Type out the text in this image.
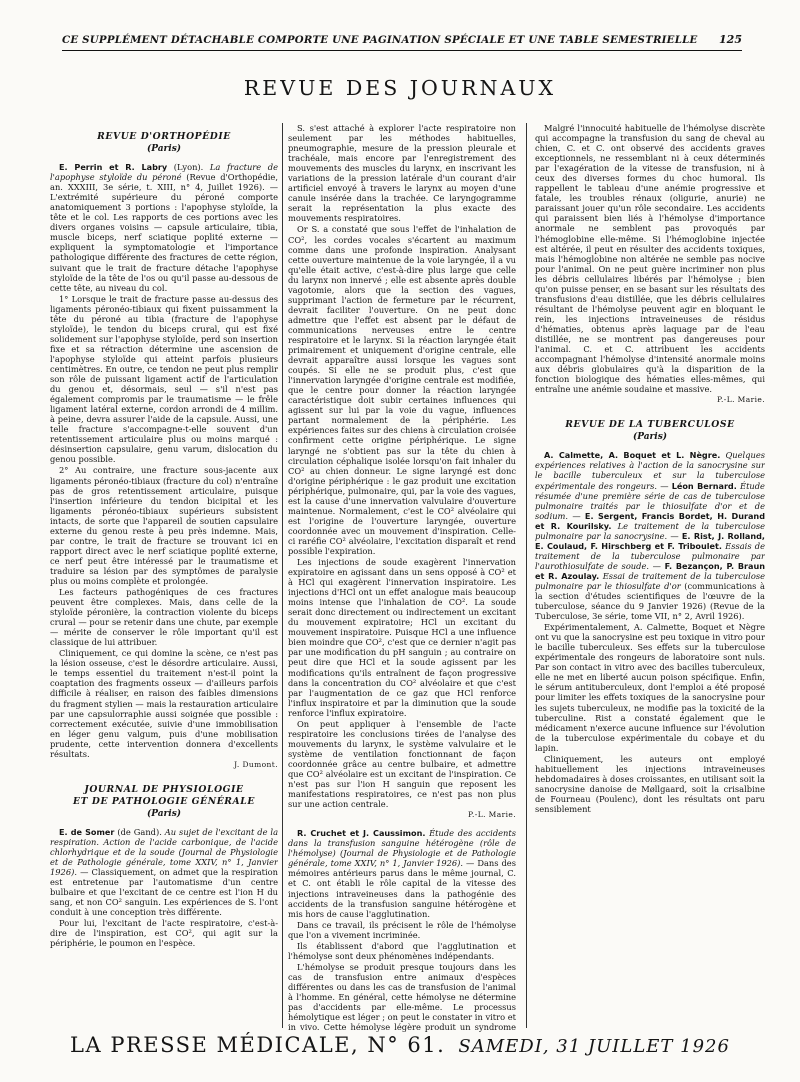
CE SUPPLÉMENT DÉTACHABLE COMPORTE UNE PAGINATION SPÉCIALE ET UNE TABLE SEMESTRIELLE 125
REVUE DES JOURNAUX
REVUE D'ORTHOPÉDIE
(Paris)

E. Perrin et R. Labry (Lyon). La fracture de l'apophyse styloïde du péroné (Revue d'Orthopédie, an. XXXIII, 3e série, t. XIII, n° 4, Juillet 1926). — L'extrémité supérieure du péroné comporte anatomiquement 3 portions : l'apophyse styloïde, la tête et le col. Les rapports de ces portions avec les divers organes voisins — capsule articulaire, tibia, muscle biceps, nerf sciatique poplité externe — expliquent la symptomatologie et l'importance pathologique différente des fractures de cette région, suivant que le trait de fracture détache l'apophyse styloïde de la tête de l'os ou qu'il passe au-dessous de cette tête, au niveau du col.

1° Lorsque le trait de fracture passe au-dessus des ligaments péronéo-tibiaux qui fixent puissamment la tête du péroné au tibia (fracture de l'apophyse styloïde), le tendon du biceps crural, qui est fixé solidement sur l'apophyse styloïde, perd son insertion fixe et sa rétraction détermine une ascension de l'apophyse styloïde qui atteint parfois plusieurs centimètres. En outre, ce tendon ne peut plus remplir son rôle de puissant ligament actif de l'articulation du genou et, désormais, seul — s'il n'est pas également compromis par le traumatisme — le frêle ligament latéral externe, cordon arrondi de 4 millim. à peine, devra assurer l'aide de la capsule. Aussi, une telle fracture s'accompagne-t-elle souvent d'un retentissement articulaire plus ou moins marqué : désinsertion capsulaire, genu varum, dislocation du genou possible.

2° Au contraire, une fracture sous-jacente aux ligaments péronéo-tibiaux (fracture du col) n'entraîne pas de gros retentissement articulaire, puisque l'insertion inférieure du tendon bicipital et les ligaments péronéo-tibiaux supérieurs subsistent intacts, de sorte que l'appareil de soutien capsulaire externe du genou reste à peu près indemne. Mais, par contre, le trait de fracture se trouvant ici en rapport direct avec le nerf sciatique poplité externe, ce nerf peut être intéressé par le traumatisme et traduire sa lésion par des symptômes de paralysie plus ou moins complète et prolongée.

Les facteurs pathogéniques de ces fractures peuvent être complexes. Mais, dans celle de la styloïde péronière, la contraction violente du biceps crural — pour se retenir dans une chute, par exemple — mérite de conserver le rôle important qu'il est classique de lui attribuer.

Cliniquement, ce qui domine la scène, ce n'est pas la lésion osseuse, c'est le désordre articulaire. Aussi, le temps essentiel du traitement n'est-il point la coaptation des fragments osseux — d'ailleurs parfois difficile à réaliser, en raison des faibles dimensions du fragment stylien — mais la restauration articulaire par une capsulorraphie aussi soignée que possible : correctement exécutée, suivie d'une immobilisation en léger genu valgum, puis d'une mobilisation prudente, cette intervention donnera d'excellents résultats.

J. Dumont.
JOURNAL DE PHYSIOLOGIE
ET DE PATHOLOGIE GÉNÉRALE
(Paris)

E. de Somer (de Gand). Au sujet de l'excitant de la respiration. Action de l'acide carbonique, de l'acide chlorhydrique et de la soude (Journal de Physiologie et de Pathologie générale, tome XXIV, n° 1, Janvier 1926). — Classiquement, on admet que la respiration est entretenue par l'automatisme d'un centre bulbaire et que l'excitant de ce centre est l'ion H du sang, et non CO² sanguin. Les expériences de S. l'ont conduit à une conception très différente.

Pour lui, l'excitant de l'acte respiratoire, c'est-à-dire de l'inspiration, est CO², qui agit sur la périphérie, le poumon en l'espèce.

S. s'est attaché à explorer l'acte respiratoire non seulement par les méthodes habituelles, pneumographie, mesure de la pression pleurale et trachéale, mais encore par l'enregistrement des mouvements des muscles du larynx, en inscrivant les variations de la pression latérale d'un courant d'air artificiel envoyé à travers le larynx au moyen d'une canule insérée dans la trachée. Ce laryngogramme serait la représentation la plus exacte des mouvements respiratoires.

Or S. a constaté que sous l'effet de l'inhalation de CO², les cordes vocales s'écartent au maximum comme dans une profonde inspiration. Analysant cette ouverture maintenue de la voie laryngée, il a vu qu'elle était active, c'est-à-dire plus large que celle du larynx non innervé ; elle est absente après double vagotomie, alors que la section des vagues, supprimant l'action de fermeture par le récurrent, devrait faciliter l'ouverture. On ne peut donc admettre que l'effet est absent par le défaut de communications nerveuses entre le centre respiratoire et le larynx. Si la réaction laryngée était primairement et uniquement d'origine centrale, elle devrait apparaître aussi lorsque les vagues sont coupés. Si elle ne se produit plus, c'est que l'innervation laryngée d'origine centrale est modifiée, que le centre pour donner la réaction laryngée caractéristique doit subir certaines influences qui agissent sur lui par la voie du vague, influences partant normalement de la périphérie. Les expériences faites sur des chiens à circulation croisée confirment cette origine périphérique. Le signe laryngé ne s'obtient pas sur la tête du chien à circulation céphalique isolée lorsqu'on fait inhaler du CO² au chien donneur. Le signe laryngé est donc d'origine périphérique : le gaz produit une excitation périphérique, pulmonaire, qui, par la voie des vagues, est la cause d'une innervation valvulaire d'ouverture maintenue. Normalement, c'est le CO² alvéolaire qui est l'origine de l'ouverture laryngée, ouverture coordonnée avec un mouvement d'inspiration. Celle-ci raréfie CO² alvéolaire, l'excitation disparaît et rend possible l'expiration.

Les injections de soude exagèrent l'innervation expiratoire en agissant dans un sens opposé à CO² et à HCl qui exagèrent l'innervation inspiratoire. Les injections d'HCl ont un effet analogue mais beaucoup moins intense que l'inhalation de CO². La soude serait donc directement ou indirectement un excitant du mouvement expiratoire; HCl un excitant du mouvement inspiratoire. Puisque HCl a une influence bien moindre que CO², c'est que ce dernier n'agit pas par une modification du pH sanguin ; au contraire on peut dire que HCl et la soude agissent par les modifications qu'ils entraînent de façon progressive dans la concentration du CO² alvéolaire et que c'est par l'augmentation de ce gaz que HCl renforce l'influx inspiratoire et par la diminution que la soude renforce l'influx expiratoire.

On peut appliquer à l'ensemble de l'acte respiratoire les conclusions tirées de l'analyse des mouvements du larynx, le système valvulaire et le système de ventilation fonctionnant de façon coordonnée grâce au centre bulbaire, et admettre que CO² alvéolaire est un excitant de l'inspiration. Ce n'est pas sur l'ion H sanguin que reposent les manifestations respiratoires, ce n'est pas non plus sur une action centrale.

P.-L. Marie.

R. Cruchet et J. Caussimon. Étude des accidents dans la transfusion sanguine hétérogène (rôle de l'hémolyse) (Journal de Physiologie et de Pathologie générale, tome XXIV, n° 1, Janvier 1926). — Dans des mémoires antérieurs parus dans le même journal, C. et C. ont établi le rôle capital de la vitesse des injections intraveineuses dans la pathogénie des accidents de la transfusion sanguine hétérogène et mis hors de cause l'agglutination.

Dans ce travail, ils précisent le rôle de l'hémolyse que l'on a vivement incriminée.

Ils établissent d'abord que l'agglutination et l'hémolyse sont deux phénomènes indépendants.

L'hémolyse se produit presque toujours dans les cas de transfusion entre animaux d'espèces différentes ou dans les cas de transfusion de l'animal à l'homme. En général, cette hémolyse ne détermine pas d'accidents par elle-même. Le processus hémolytique est léger ; on peut le constater in vitro et in vivo. Cette hémolyse légère produit un syndrome

Malgré l'innocuité habituelle de l'hémolyse discrète qui accompagne la transfusion du sang de cheval au chien, C. et C. ont observé des accidents graves exceptionnels, ne ressemblant ni à ceux déterminés par l'exagération de la vitesse de transfusion, ni à ceux des diverses formes du choc humoral. Ils rappellent le tableau d'une anémie progressive et fatale, les troubles rénaux (oligurie, anurie) ne paraissant jouer qu'un rôle secondaire. Les accidents qui paraissent bien liés à l'hémolyse d'importance anormale ne semblent pas provoqués par l'hémoglobine elle-même. Si l'hémoglobine injectée est altérée, il peut en résulter des accidents toxiques, mais l'hémoglobine non altérée ne semble pas nocive pour l'animal. On ne peut guère incriminer non plus les débris cellulaires libérés par l'hémolyse ; bien qu'on puisse penser, en se basant sur les résultats des transfusions d'eau distillée, que les débris cellulaires résultant de l'hémolyse peuvent agir en bloquant le rein, les injections intraveineuses de résidus d'hématies, obtenus après laquage par de l'eau distillée, ne se montrent pas dangereuses pour l'animal. C. et C. attribuent les accidents accompagnant l'hémolyse d'intensité anormale moins aux débris globulaires qu'à la disparition de la fonction biologique des hématies elles-mêmes, qui entraîne une anémie soudaine et massive.

P.-L. Marie.
REVUE DE LA TUBERCULOSE
(Paris)

A. Calmette, A. Boquet et L. Nègre. Quelques expériences relatives à l'action de la sanocrysine sur le bacille tuberculeux et sur la tuberculose expérimentale des rongeurs. — Léon Bernard. Étude résumée d'une première série de cas de tuberculose pulmonaire traités par le thiosulfate d'or et de sodium. — E. Sergent, Francis Bordet, H. Durand et R. Kourilsky. Le traitement de la tuberculose pulmonaire par la sanocrysine. — E. Rist, J. Rolland, E. Coulaud, F. Hirschberg et F. Triboulet. Essais de traitement de la tuberculose pulmonaire par l'aurothiosulfate de soude. — F. Bezançon, P. Braun et R. Azoulay. Essai de traitement de la tuberculose pulmonaire par le thiosulfate d'or (communications à la section d'études scientifiques de l'œuvre de la tuberculose, séance du 9 Janvier 1926) (Revue de la Tuberculose, 3e série, tome VII, n° 2, Avril 1926).

Expérimentalement, A. Calmette, Boquet et Nègre ont vu que la sanocrysine est peu toxique in vitro pour le bacille tuberculeux. Ses effets sur la tuberculose expérimentale des rongeurs de laboratoire sont nuls. Par son contact in vitro avec des bacilles tuberculeux, elle ne met en liberté aucun poison spécifique. Enfin, le sérum antituberculeux, dont l'emploi a été proposé pour limiter les effets toxiques de la sanocrysine pour les sujets tuberculeux, ne modifie pas la toxicité de la tuberculine. Rist a constaté également que le médicament n'exerce aucune influence sur l'évolution de la tuberculose expérimentale du cobaye et du lapin.

Cliniquement, les auteurs ont employé habituellement les injections intraveineuses hebdomadaires à doses croissantes, en utilisant soit la sanocrysine danoise de Møllgaard, soit la crisalbine de Fourneau (Poulenc), dont les résultats ont paru sensiblement

LA PRESSE MÉDICALE, N° 61. SAMEDI, 31 JUILLET 1926
